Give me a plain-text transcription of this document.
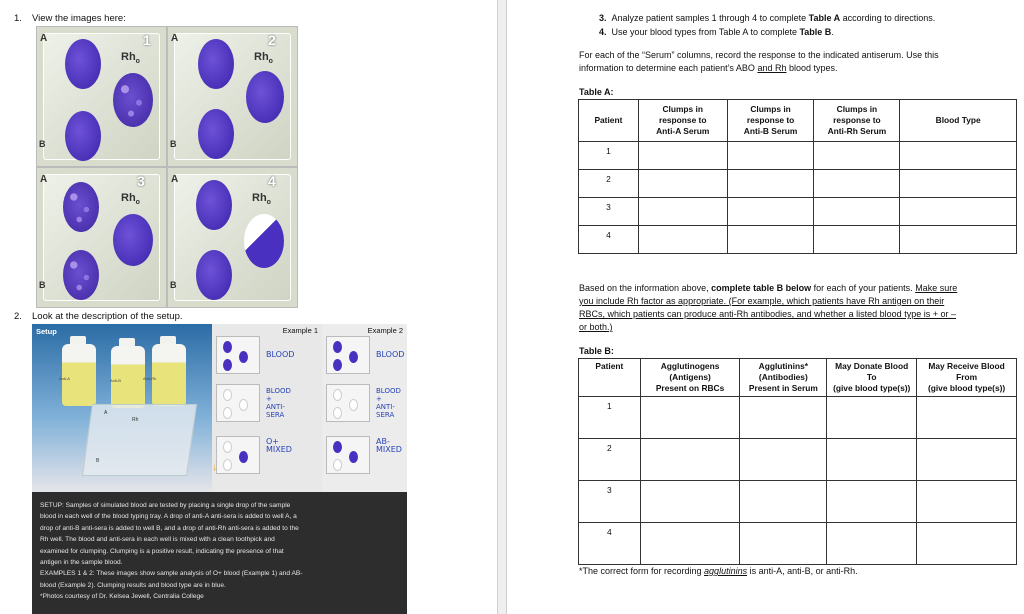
1. View the images here:
A	1
$Rh_o$
B
A	2
$Rh_o$
B
A	3
$Rh_o$
B
A	4
$Rh_o$
B
2. Look at the description of the setup.
Setup
Anti-A	Anti-B	Anti-Rh
A
Rh
B
Example 1
BLOOD
BLOOD
+
ANTI-
SERA
O+
MIXED
↓
Example 2
BLOOD
BLOOD
+
ANTI-
SERA
AB-
MIXED
SETUP: Samples of simulated blood are tested by placing a single drop of the sample
blood in each well of the blood typing tray. A drop of anti-A anti-sera is added to well A, a
drop of anti-B anti-sera is added to well B, and a drop of anti-Rh anti-sera is added to the
Rh well. The blood and anti-sera in each well is mixed with a clean toothpick and
examined for clumping. Clumping is a positive result, indicating the presence of that
antigen in the sample blood.
EXAMPLES 1 & 2: These images show sample analysis of O+ blood (Example 1) and AB-
blood (Example 2). Clumping results and blood type are in blue.
*Photos courtesy of Dr. Kelsea Jewell, Centralia College
3. Analyze patient samples 1 through 4 to complete Table A according to directions.
4. Use your blood types from Table A to complete Table B.
For each of the “Serum” columns, record the response to the indicated antiserum. Use this
information to determine each patient’s ABO and Rh blood types.
Table A:
Patient	Clumps in
response to
Anti-A Serum	Clumps in
response to
Anti-B Serum	Clumps in
response to
Anti-Rh Serum	Blood Type
1				
2				
3				
4				
Based on the information above, complete table B below for each of your patients. Make sure
you include Rh factor as appropriate. (For example, which patients have Rh antigen on their
RBCs, which patients can produce anti-Rh antibodies, and whether a listed blood type is + or –
or both.)
Table B:
Patient	Agglutinogens
(Antigens)
Present on RBCs	Agglutinins*
(Antibodies)
Present in Serum	May Donate Blood
To
(give blood type(s))	May Receive Blood
From
(give blood type(s))
1				
2				
3				
4				
*The correct form for recording agglutinins is anti-A, anti-B, or anti-Rh.
